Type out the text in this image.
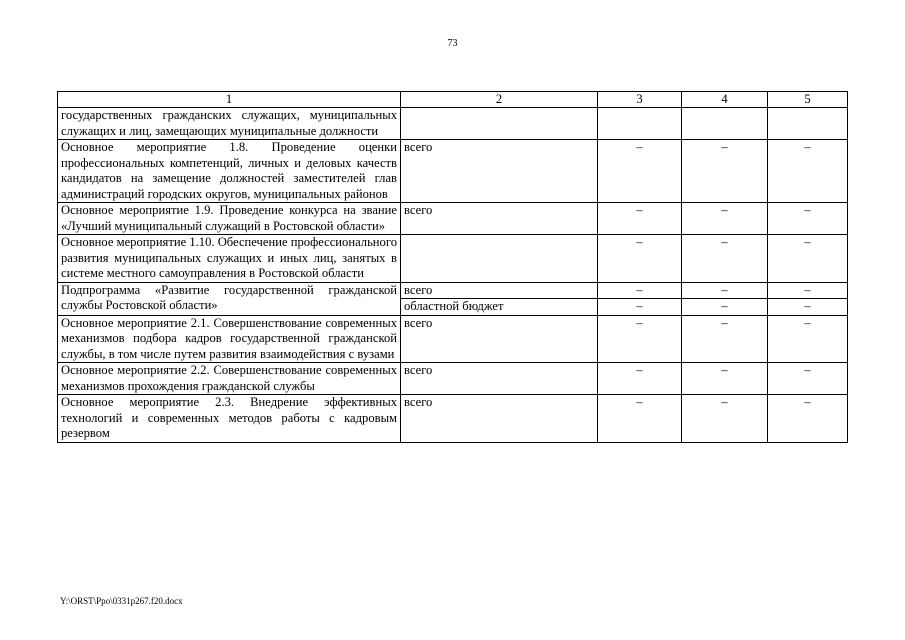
73
1	2	3	4	5
государственных гражданских служащих, муниципальных служащих и лиц, замещающих муниципальные должности				
Основное мероприятие 1.8. Проведение оценки профессиональных компетенций, личных и деловых качеств кандидатов на замещение должностей заместителей глав администраций городских округов, муниципальных районов	всего	–	–	–
Основное мероприятие 1.9. Проведение конкурса на звание «Лучший муниципальный служащий в Ростовской области»	всего	–	–	–
Основное мероприятие 1.10. Обеспечение профессионального развития муниципальных служащих и иных лиц, занятых в системе местного самоуправления в Ростовской области		–	–	–
Подпрограмма «Развитие государственной гражданской службы Ростовской области»	всего	–	–	–
	областной бюджет	–	–	–
Основное мероприятие 2.1. Совершенствование современных механизмов подбора кадров государственной гражданской службы, в том числе путем развития взаимодействия с вузами	всего	–	–	–
Основное мероприятие 2.2. Совершенствование современных механизмов прохождения гражданской службы	всего	–	–	–
Основное мероприятие 2.3. Внедрение эффективных технологий и современных методов работы с кадровым резервом	всего	–	–	–
Y:\ORST\Ppo\0331p267.f20.docx
